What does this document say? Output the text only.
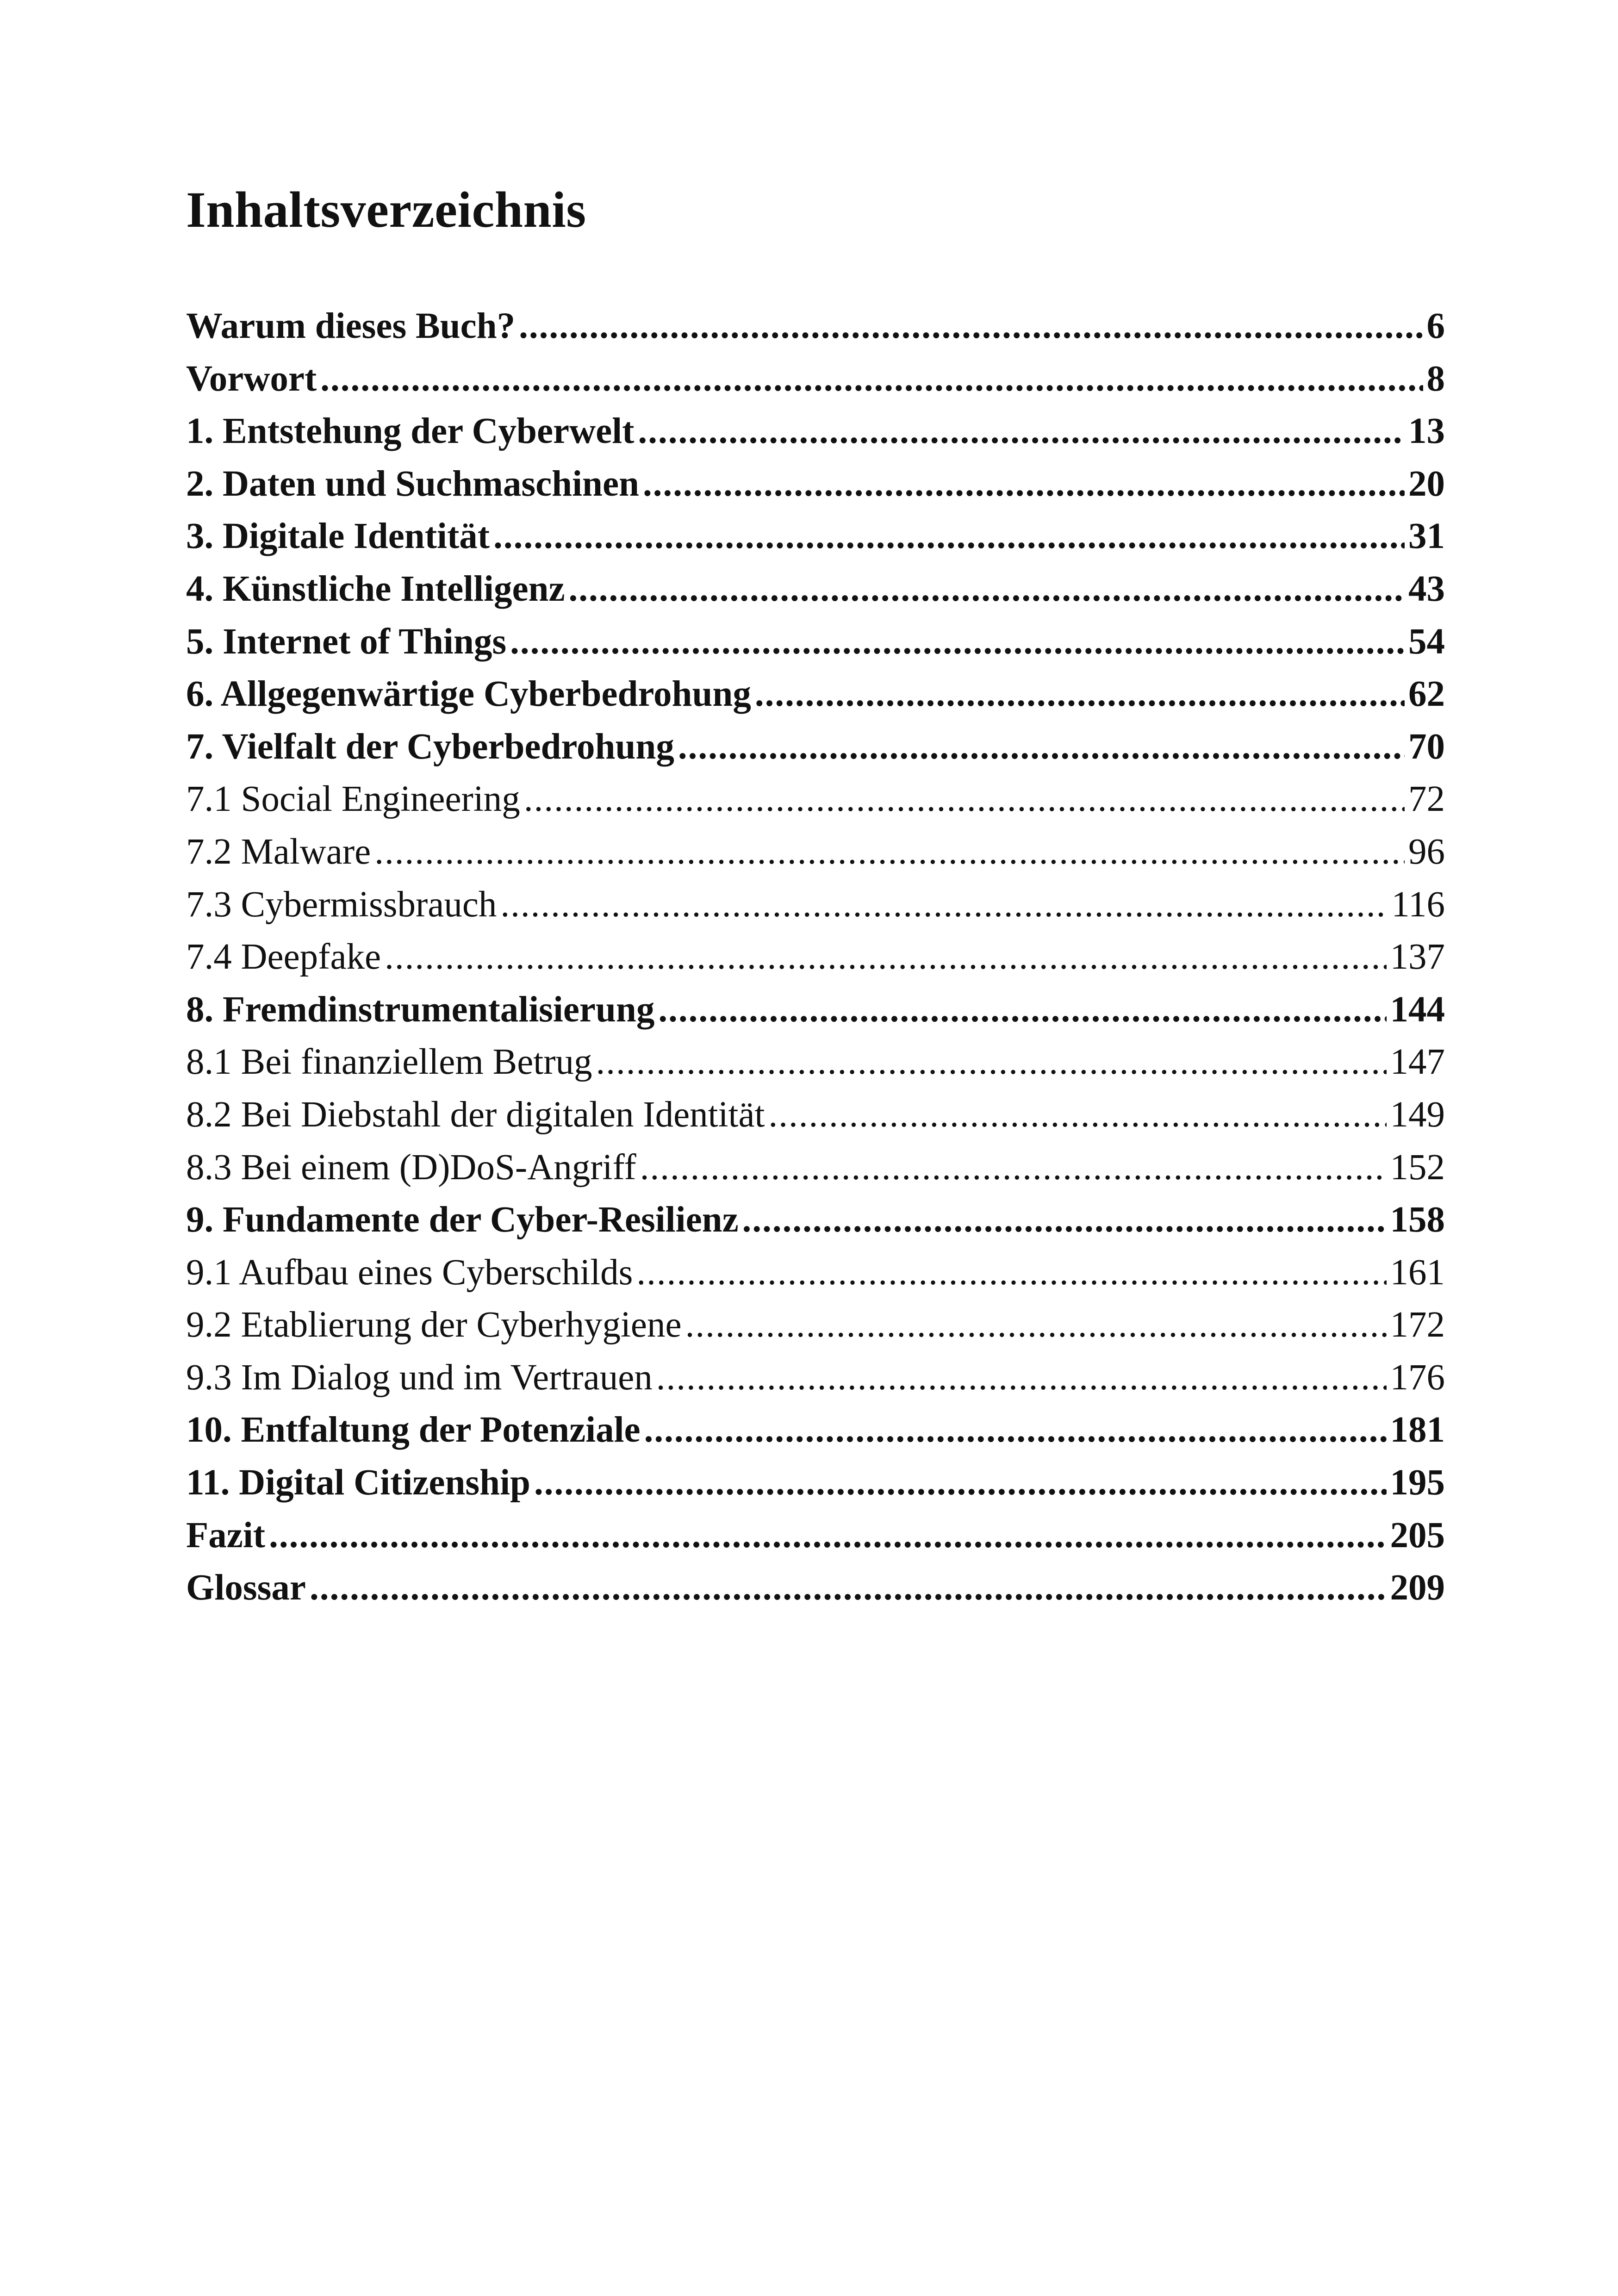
Inhaltsverzeichnis
Warum dieses Buch? .....	6
Vorwort .....	8
1. Entstehung der Cyberwelt .....	13
2. Daten und Suchmaschinen .....	20
3. Digitale Identität .....	31
4. Künstliche Intelligenz .....	43
5. Internet of Things .....	54
6. Allgegenwärtige Cyberbedrohung .....	62
7. Vielfalt der Cyberbedrohung .....	70
7.1 Social Engineering .....	72
7.2 Malware .....	96
7.3 Cybermissbrauch .....	116
7.4 Deepfake .....	137
8. Fremdinstrumentalisierung .....	144
8.1 Bei finanziellem Betrug .....	147
8.2 Bei Diebstahl der digitalen Identität .....	149
8.3 Bei einem (D)DoS-Angriff .....	152
9. Fundamente der Cyber-Resilienz .....	158
9.1 Aufbau eines Cyberschilds .....	161
9.2 Etablierung der Cyberhygiene .....	172
9.3 Im Dialog und im Vertrauen .....	176
10. Entfaltung der Potenziale .....	181
11. Digital Citizenship .....	195
Fazit .....	205
Glossar .....	209
